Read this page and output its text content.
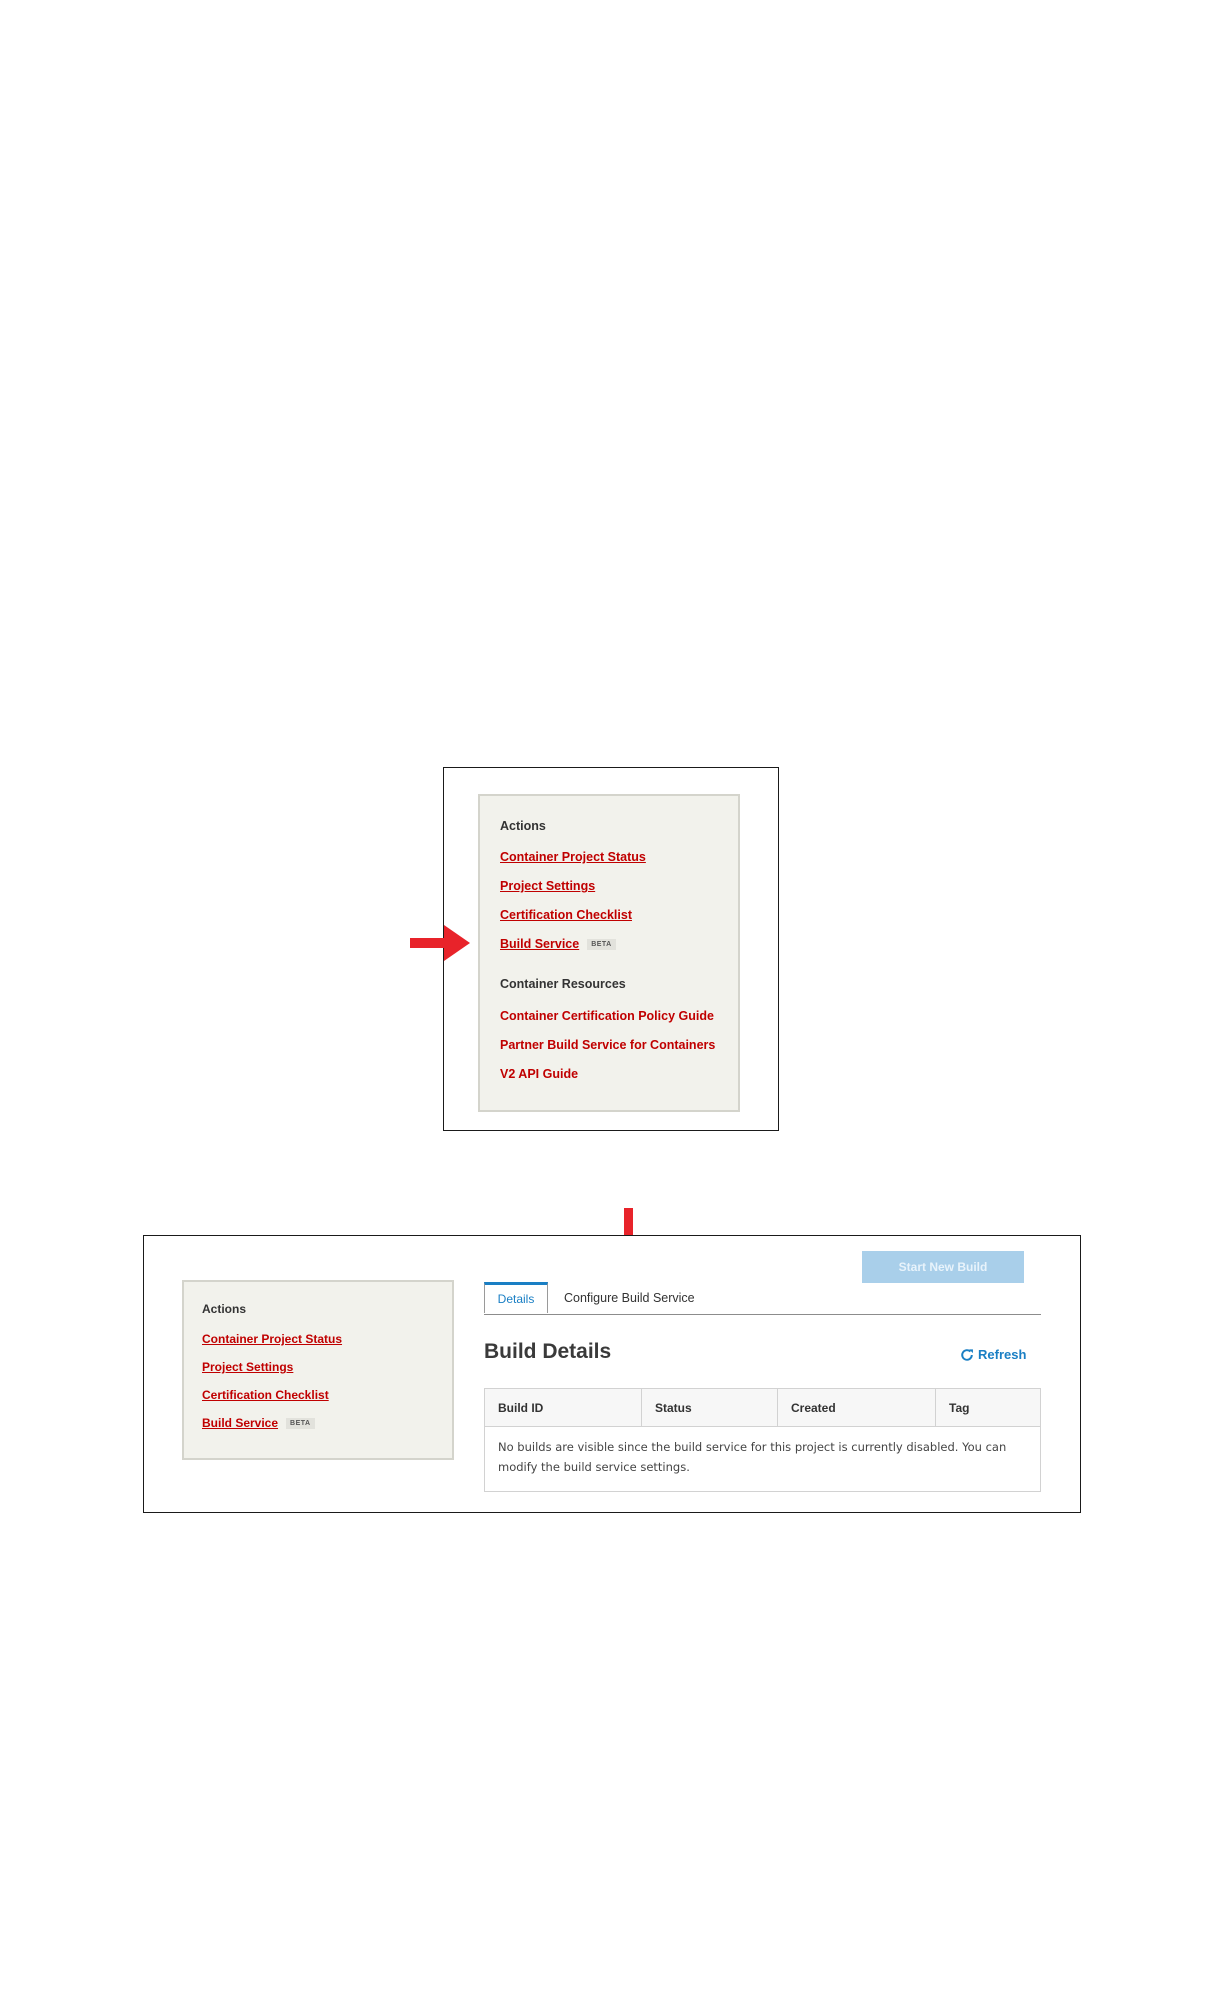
Actions
Container Project Status
Project Settings
Certification Checklist
Build Service BETA
Container Resources
Container Certification Policy Guide
Partner Build Service for Containers
V2 API Guide
Actions
Container Project Status
Project Settings
Certification Checklist
Build Service BETA
Start New Build
Details	Configure Build Service
Build Details	Refresh
Build ID	Status	Created	Tag
No builds are visible since the build service for this project is currently disabled. You can modify the build service settings.
